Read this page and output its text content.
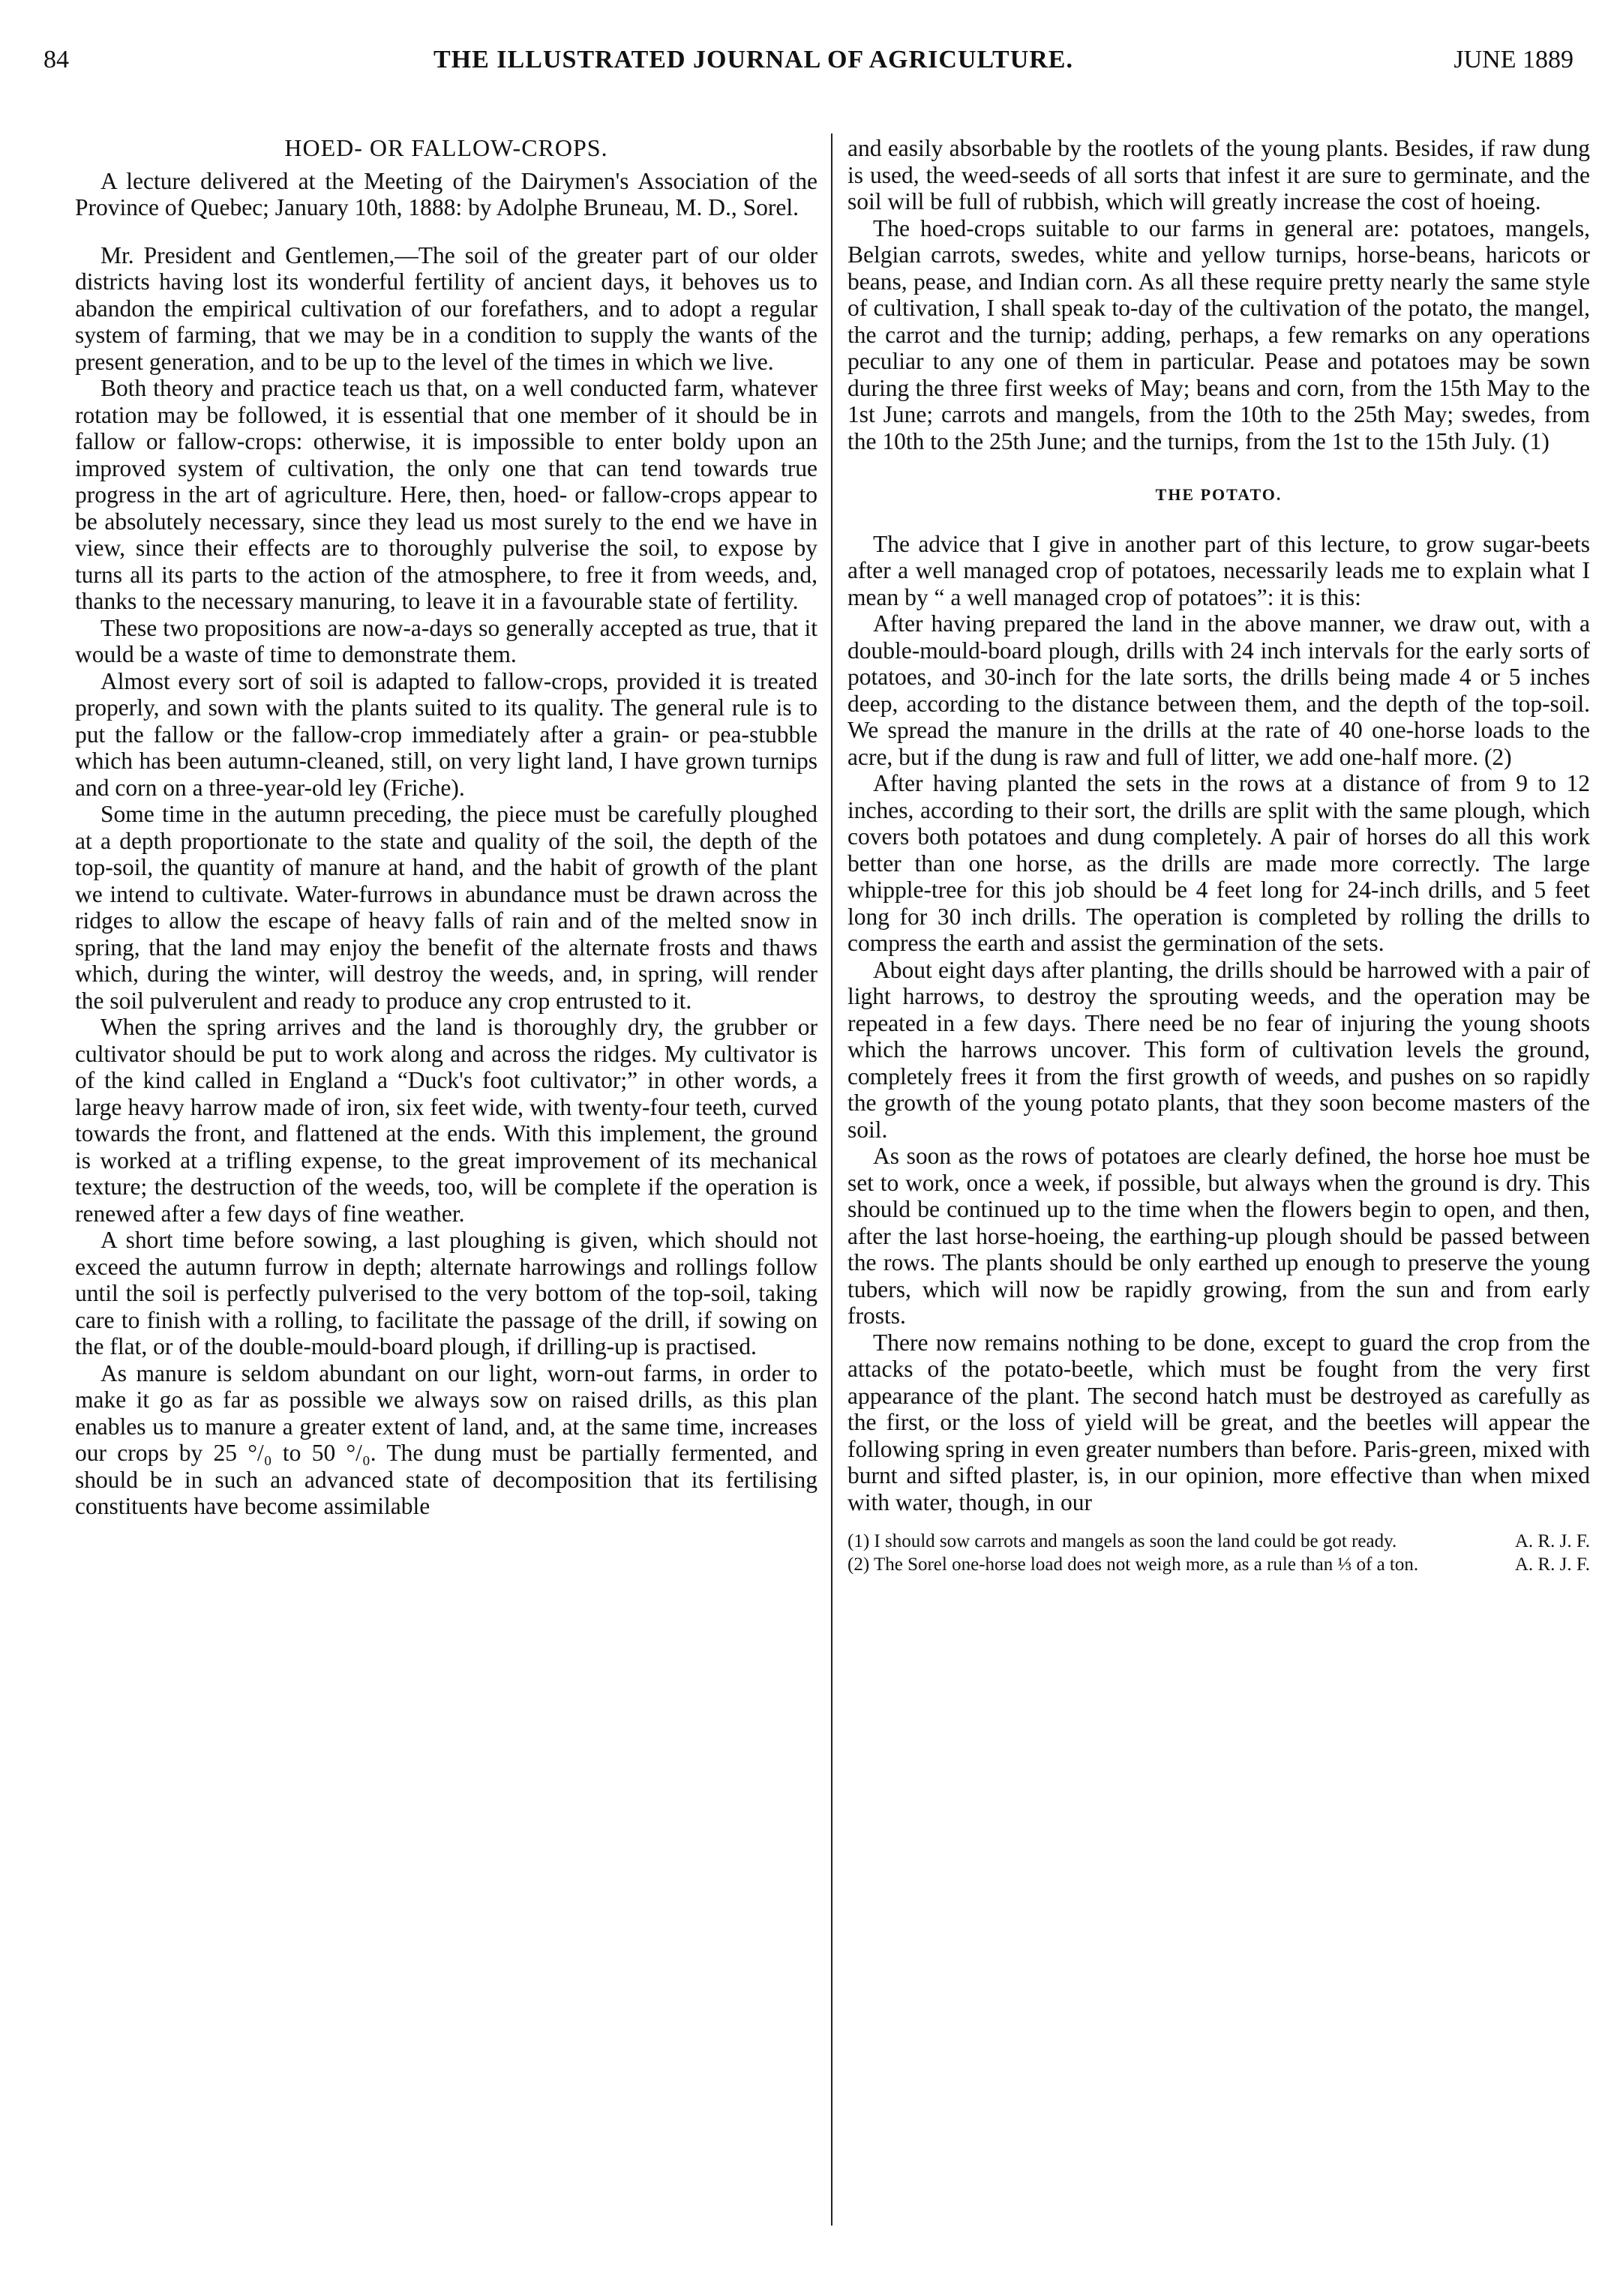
84	THE ILLUSTRATED JOURNAL OF AGRICULTURE.	JUNE 1889
HOED- OR FALLOW-CROPS.

A lecture delivered at the Meeting of the Dairymen's Association of the Province of Quebec; January 10th, 1888: by Adolphe Bruneau, M. D., Sorel.

Mr. President and Gentlemen,—The soil of the greater part of our older districts having lost its wonderful fertility of ancient days, it behoves us to abandon the empirical cultivation of our forefathers, and to adopt a regular system of farming, that we may be in a condition to supply the wants of the present generation, and to be up to the level of the times in which we live.

Both theory and practice teach us that, on a well conducted farm, whatever rotation may be followed, it is essential that one member of it should be in fallow or fallow-crops: otherwise, it is impossible to enter boldy upon an improved system of cultivation, the only one that can tend towards true progress in the art of agriculture. Here, then, hoed- or fallow-crops appear to be absolutely necessary, since they lead us most surely to the end we have in view, since their effects are to thoroughly pulverise the soil, to expose by turns all its parts to the action of the atmosphere, to free it from weeds, and, thanks to the necessary manuring, to leave it in a favourable state of fertility.

These two propositions are now-a-days so generally accepted as true, that it would be a waste of time to demonstrate them.

Almost every sort of soil is adapted to fallow-crops, provided it is treated properly, and sown with the plants suited to its quality. The general rule is to put the fallow or the fallow-crop immediately after a grain- or pea-stubble which has been autumn-cleaned, still, on very light land, I have grown turnips and corn on a three-year-old ley (Friche).

Some time in the autumn preceding, the piece must be carefully ploughed at a depth proportionate to the state and quality of the soil, the depth of the top-soil, the quantity of manure at hand, and the habit of growth of the plant we intend to cultivate. Water-furrows in abundance must be drawn across the ridges to allow the escape of heavy falls of rain and of the melted snow in spring, that the land may enjoy the benefit of the alternate frosts and thaws which, during the winter, will destroy the weeds, and, in spring, will render the soil pulverulent and ready to produce any crop entrusted to it.

When the spring arrives and the land is thoroughly dry, the grubber or cultivator should be put to work along and across the ridges. My cultivator is of the kind called in England a “Duck's foot cultivator;” in other words, a large heavy harrow made of iron, six feet wide, with twenty-four teeth, curved towards the front, and flattened at the ends. With this implement, the ground is worked at a trifling expense, to the great improvement of its mechanical texture; the destruction of the weeds, too, will be complete if the operation is renewed after a few days of fine weather.

A short time before sowing, a last ploughing is given, which should not exceed the autumn furrow in depth; alternate harrowings and rollings follow until the soil is perfectly pulverised to the very bottom of the top-soil, taking care to finish with a rolling, to facilitate the passage of the drill, if sowing on the flat, or of the double-mould-board plough, if drilling-up is practised.

As manure is seldom abundant on our light, worn-out farms, in order to make it go as far as possible we always sow on raised drills, as this plan enables us to manure a greater extent of land, and, at the same time, increases our crops by 25 °/₀ to 50 °/₀. The dung must be partially fermented, and should be in such an advanced state of decomposition that its fertilising constituents have become assimilable

and easily absorbable by the rootlets of the young plants. Besides, if raw dung is used, the weed-seeds of all sorts that infest it are sure to germinate, and the soil will be full of rubbish, which will greatly increase the cost of hoeing.

The hoed-crops suitable to our farms in general are: potatoes, mangels, Belgian carrots, swedes, white and yellow turnips, horse-beans, haricots or beans, pease, and Indian corn. As all these require pretty nearly the same style of cultivation, I shall speak to-day of the cultivation of the potato, the mangel, the carrot and the turnip; adding, perhaps, a few remarks on any operations peculiar to any one of them in particular. Pease and potatoes may be sown during the three first weeks of May; beans and corn, from the 15th May to the 1st June; carrots and mangels, from the 10th to the 25th May; swedes, from the 10th to the 25th June; and the turnips, from the 1st to the 15th July. (1)

THE POTATO.

The advice that I give in another part of this lecture, to grow sugar-beets after a well managed crop of potatoes, necessarily leads me to explain what I mean by “ a well managed crop of potatoes”: it is this:

After having prepared the land in the above manner, we draw out, with a double-mould-board plough, drills with 24 inch intervals for the early sorts of potatoes, and 30-inch for the late sorts, the drills being made 4 or 5 inches deep, according to the distance between them, and the depth of the top-soil. We spread the manure in the drills at the rate of 40 one-horse loads to the acre, but if the dung is raw and full of litter, we add one-half more. (2)

After having planted the sets in the rows at a distance of from 9 to 12 inches, according to their sort, the drills are split with the same plough, which covers both potatoes and dung completely. A pair of horses do all this work better than one horse, as the drills are made more correctly. The large whipple-tree for this job should be 4 feet long for 24-inch drills, and 5 feet long for 30 inch drills. The operation is completed by rolling the drills to compress the earth and assist the germination of the sets.

About eight days after planting, the drills should be harrowed with a pair of light harrows, to destroy the sprouting weeds, and the operation may be repeated in a few days. There need be no fear of injuring the young shoots which the harrows uncover. This form of cultivation levels the ground, completely frees it from the first growth of weeds, and pushes on so rapidly the growth of the young potato plants, that they soon become masters of the soil.

As soon as the rows of potatoes are clearly defined, the horse hoe must be set to work, once a week, if possible, but always when the ground is dry. This should be continued up to the time when the flowers begin to open, and then, after the last horse-hoeing, the earthing-up plough should be passed between the rows. The plants should be only earthed up enough to preserve the young tubers, which will now be rapidly growing, from the sun and from early frosts.

There now remains nothing to be done, except to guard the crop from the attacks of the potato-beetle, which must be fought from the very first appearance of the plant. The second hatch must be destroyed as carefully as the first, or the loss of yield will be great, and the beetles will appear the following spring in even greater numbers than before. Paris-green, mixed with burnt and sifted plaster, is, in our opinion, more effective than when mixed with water, though, in our

(1) I should sow carrots and mangels as soon the land could be got ready.	A. R. J. F.
(2) The Sorel one-horse load does not weigh more, as a rule than ⅓ of a ton.	A. R. J. F.
